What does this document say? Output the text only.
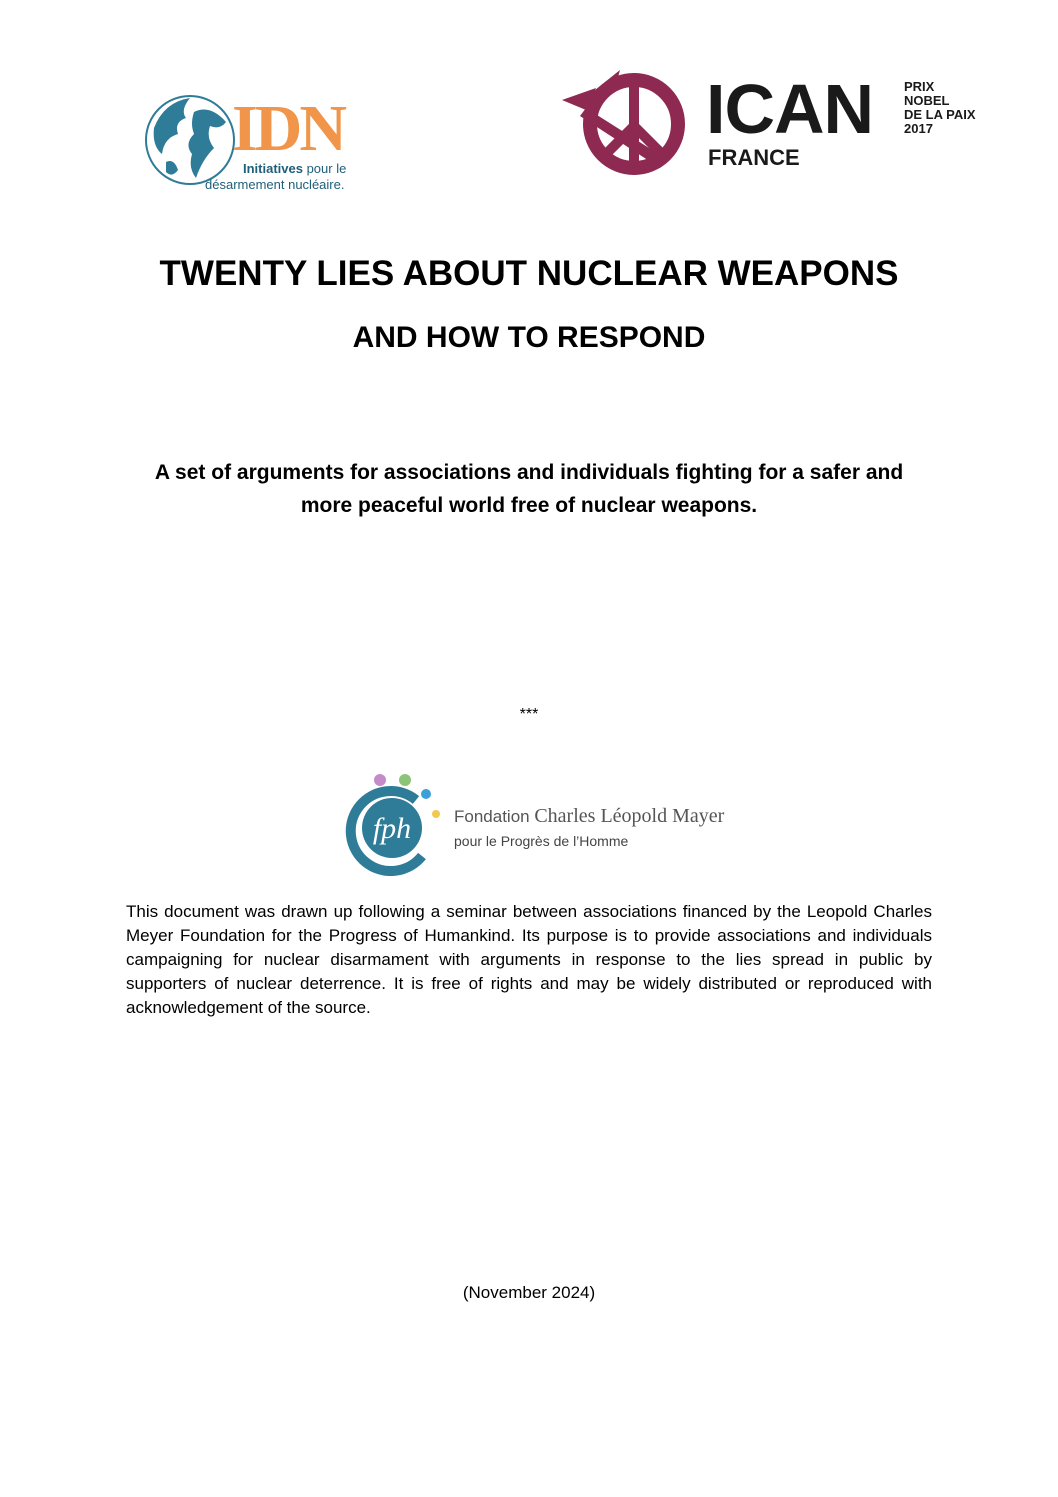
IDN
Initiatives pour le
désarmement nucléaire.
ICAN
FRANCE
PRIX
NOBEL
DE LA PAIX
2017
TWENTY LIES ABOUT NUCLEAR WEAPONS
AND HOW TO RESPOND

A set of arguments for associations and individuals fighting for a safer and more peaceful world free of nuclear weapons.

***
fph	Fondation Charles Léopold Mayer
pour le Progrès de l’Homme

This document was drawn up following a seminar between associations financed by the Leopold Charles Meyer Foundation for the Progress of Humankind. Its purpose is to provide associations and individuals campaigning for nuclear disarmament with arguments in response to the lies spread in public by supporters of nuclear deterrence. It is free of rights and may be widely distributed or reproduced with acknowledgement of the source.

(November 2024)
